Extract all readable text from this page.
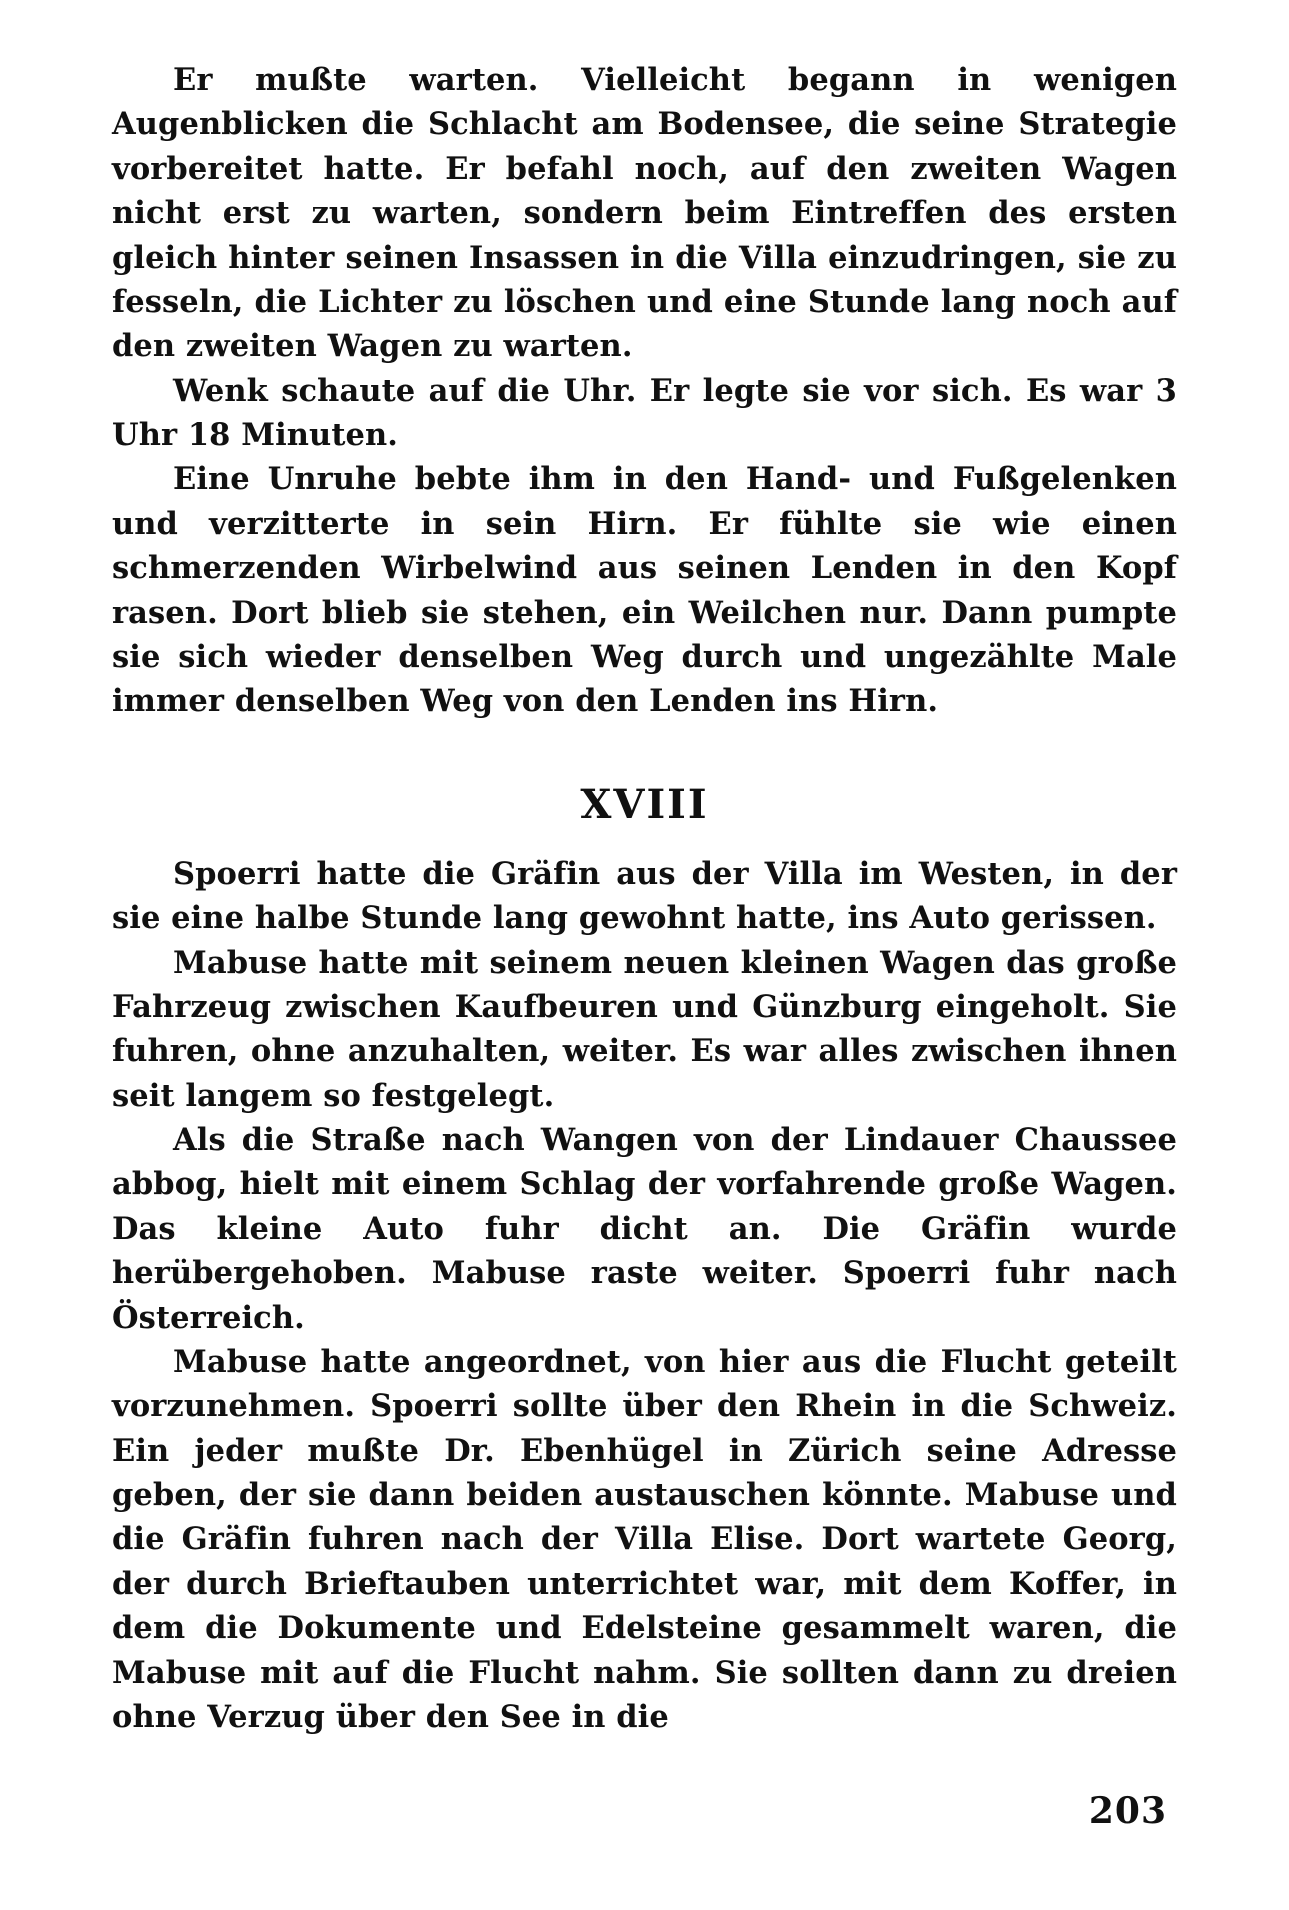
Er mußte warten. Vielleicht begann in wenigen Augenblicken die Schlacht am Bodensee, die seine Strategie vorbereitet hatte. Er befahl noch, auf den zweiten Wagen nicht erst zu warten, sondern beim Eintreffen des ersten gleich hinter seinen Insassen in die Villa einzudringen, sie zu fesseln, die Lichter zu löschen und eine Stunde lang noch auf den zweiten Wagen zu warten.

Wenk schaute auf die Uhr. Er legte sie vor sich. Es war 3 Uhr 18 Minuten.

Eine Unruhe bebte ihm in den Hand- und Fußgelenken und verzitterte in sein Hirn. Er fühlte sie wie einen schmerzenden Wirbelwind aus seinen Lenden in den Kopf rasen. Dort blieb sie stehen, ein Weilchen nur. Dann pumpte sie sich wieder denselben Weg durch und ungezählte Male immer denselben Weg von den Lenden ins Hirn.

XVIII

Spoerri hatte die Gräfin aus der Villa im Westen, in der sie eine halbe Stunde lang gewohnt hatte, ins Auto gerissen.

Mabuse hatte mit seinem neuen kleinen Wagen das große Fahrzeug zwischen Kaufbeuren und Günzburg eingeholt. Sie fuhren, ohne anzuhalten, weiter. Es war alles zwischen ihnen seit langem so festgelegt.

Als die Straße nach Wangen von der Lindauer Chaussee abbog, hielt mit einem Schlag der vorfahrende große Wagen. Das kleine Auto fuhr dicht an. Die Gräfin wurde herübergehoben. Mabuse raste weiter. Spoerri fuhr nach Österreich.

Mabuse hatte angeordnet, von hier aus die Flucht geteilt vorzunehmen. Spoerri sollte über den Rhein in die Schweiz. Ein jeder mußte Dr. Ebenhügel in Zürich seine Adresse geben, der sie dann beiden austauschen könnte. Mabuse und die Gräfin fuhren nach der Villa Elise. Dort wartete Georg, der durch Brieftauben unterrichtet war, mit dem Koffer, in dem die Dokumente und Edelsteine gesammelt waren, die Mabuse mit auf die Flucht nahm. Sie sollten dann zu dreien ohne Verzug über den See in die

203
